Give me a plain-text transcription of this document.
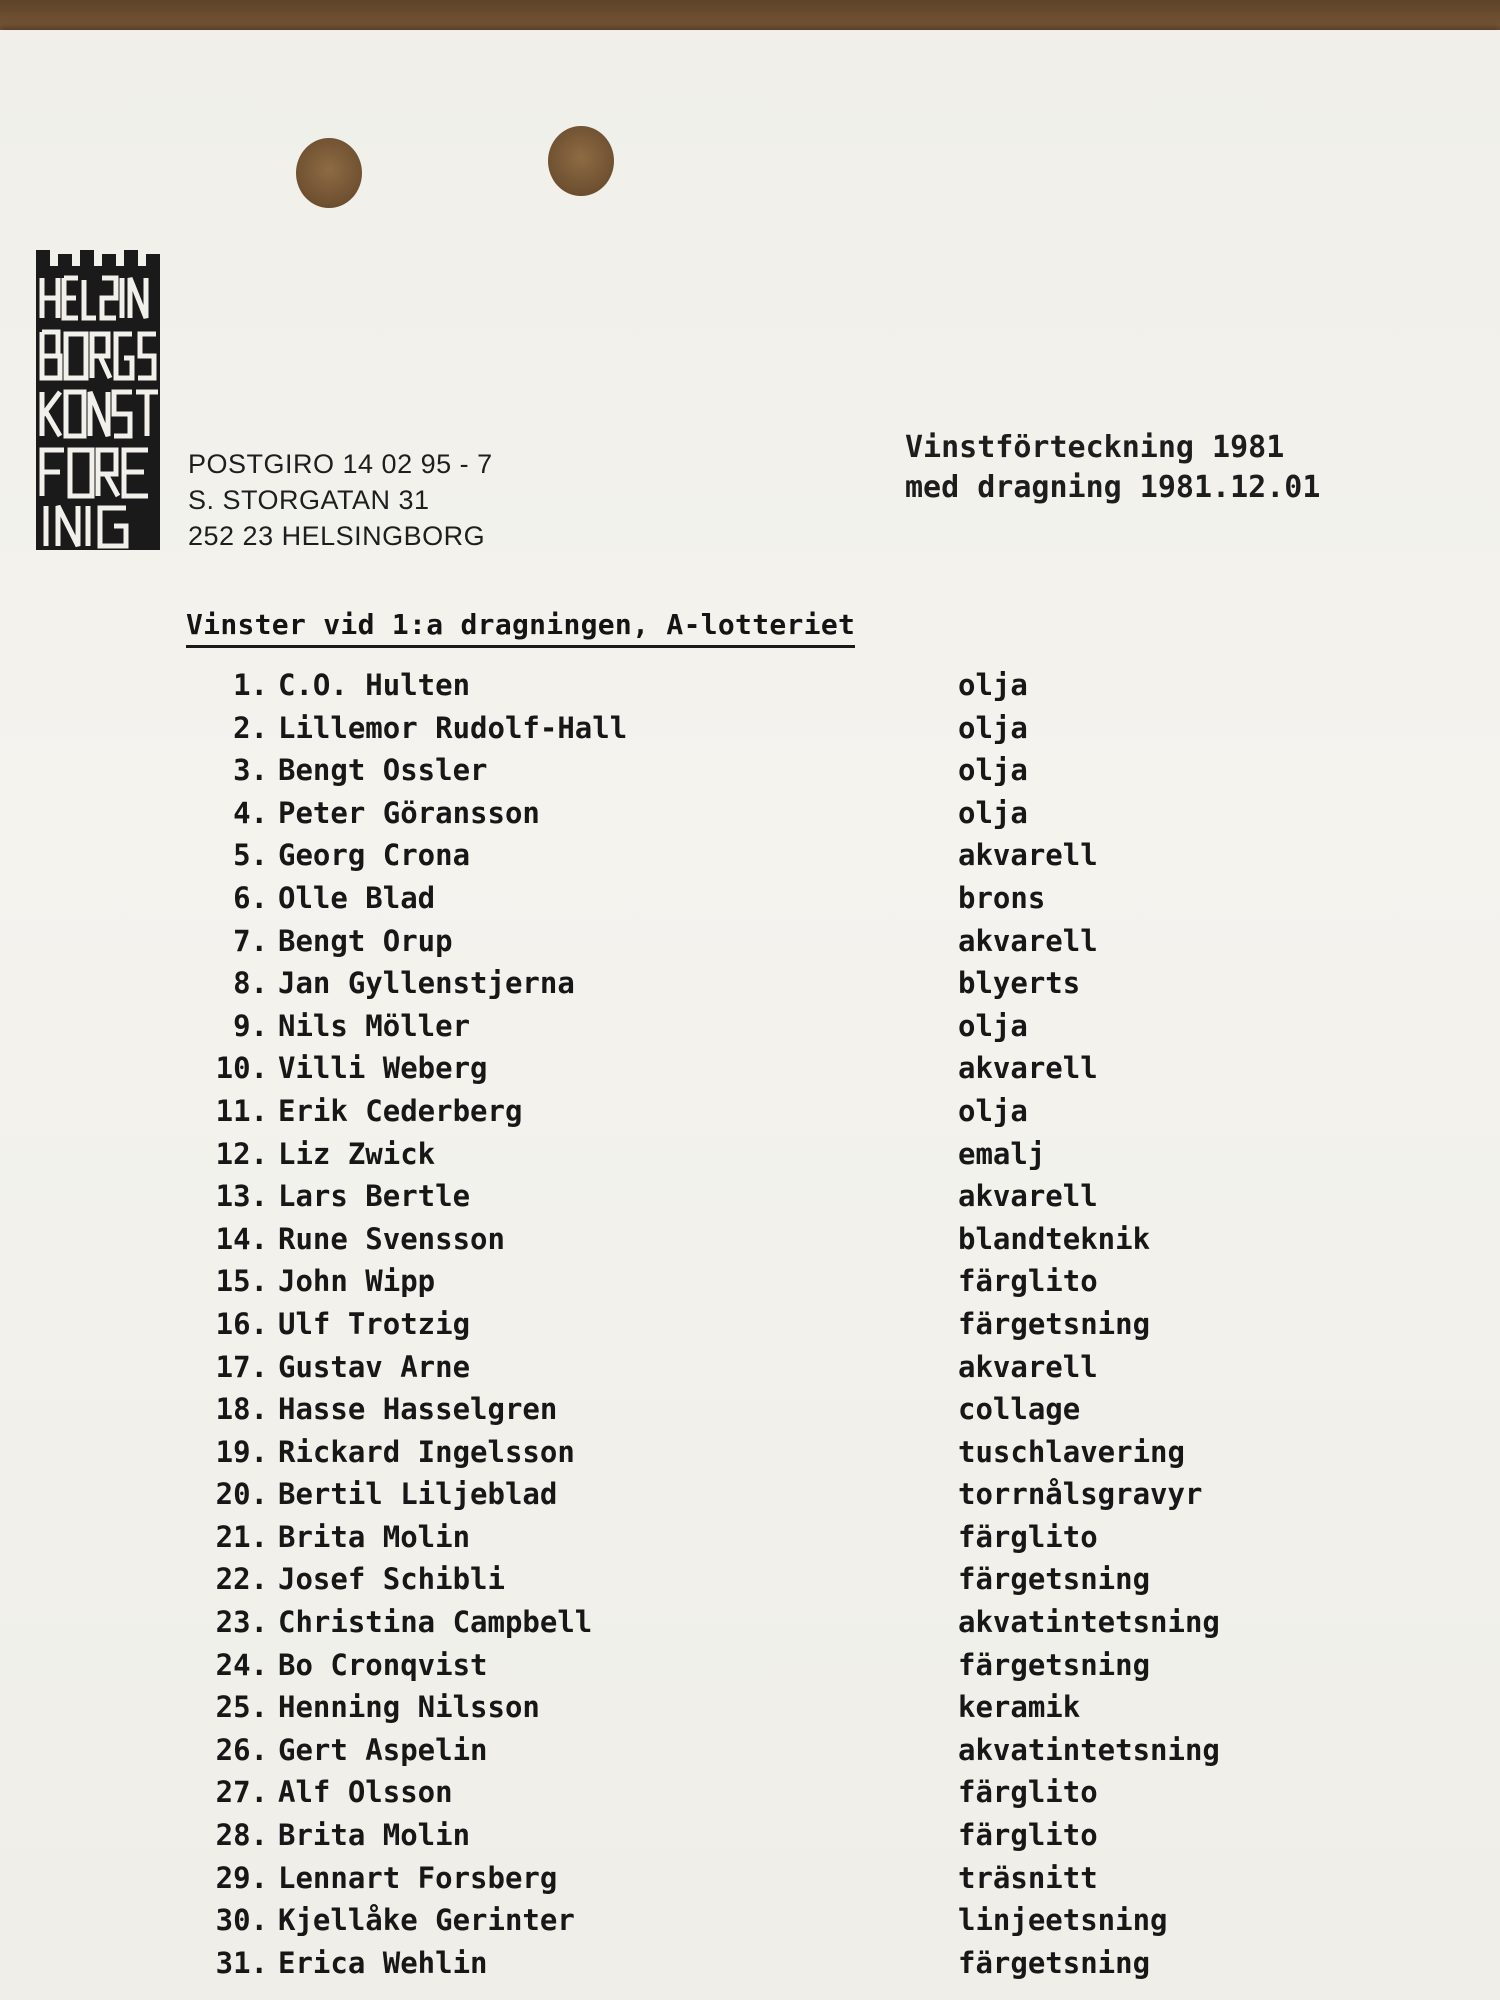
POSTGIRO 14 02 95 - 7
S. STORGATAN 31
252 23 HELSINGBORG
Vinstförteckning 1981
med dragning 1981.12.01
Vinster vid 1:a dragningen, A-lotteriet
1. C.O. Hulten	olja
2. Lillemor Rudolf-Hall	olja
3. Bengt Ossler	olja
4. Peter Göransson	olja
5. Georg Crona	akvarell
6. Olle Blad	brons
7. Bengt Orup	akvarell
8. Jan Gyllenstjerna	blyerts
9. Nils Möller	olja
10. Villi Weberg	akvarell
11. Erik Cederberg	olja
12. Liz Zwick	emalj
13. Lars Bertle	akvarell
14. Rune Svensson	blandteknik
15. John Wipp	färglito
16. Ulf Trotzig	färgetsning
17. Gustav Arne	akvarell
18. Hasse Hasselgren	collage
19. Rickard Ingelsson	tuschlavering
20. Bertil Liljeblad	torrnålsgravyr
21. Brita Molin	färglito
22. Josef Schibli	färgetsning
23. Christina Campbell	akvatintetsning
24. Bo Cronqvist	färgetsning
25. Henning Nilsson	keramik
26. Gert Aspelin	akvatintetsning
27. Alf Olsson	färglito
28. Brita Molin	färglito
29. Lennart Forsberg	träsnitt
30. Kjellåke Gerinter	linjeetsning
31. Erica Wehlin	färgetsning
